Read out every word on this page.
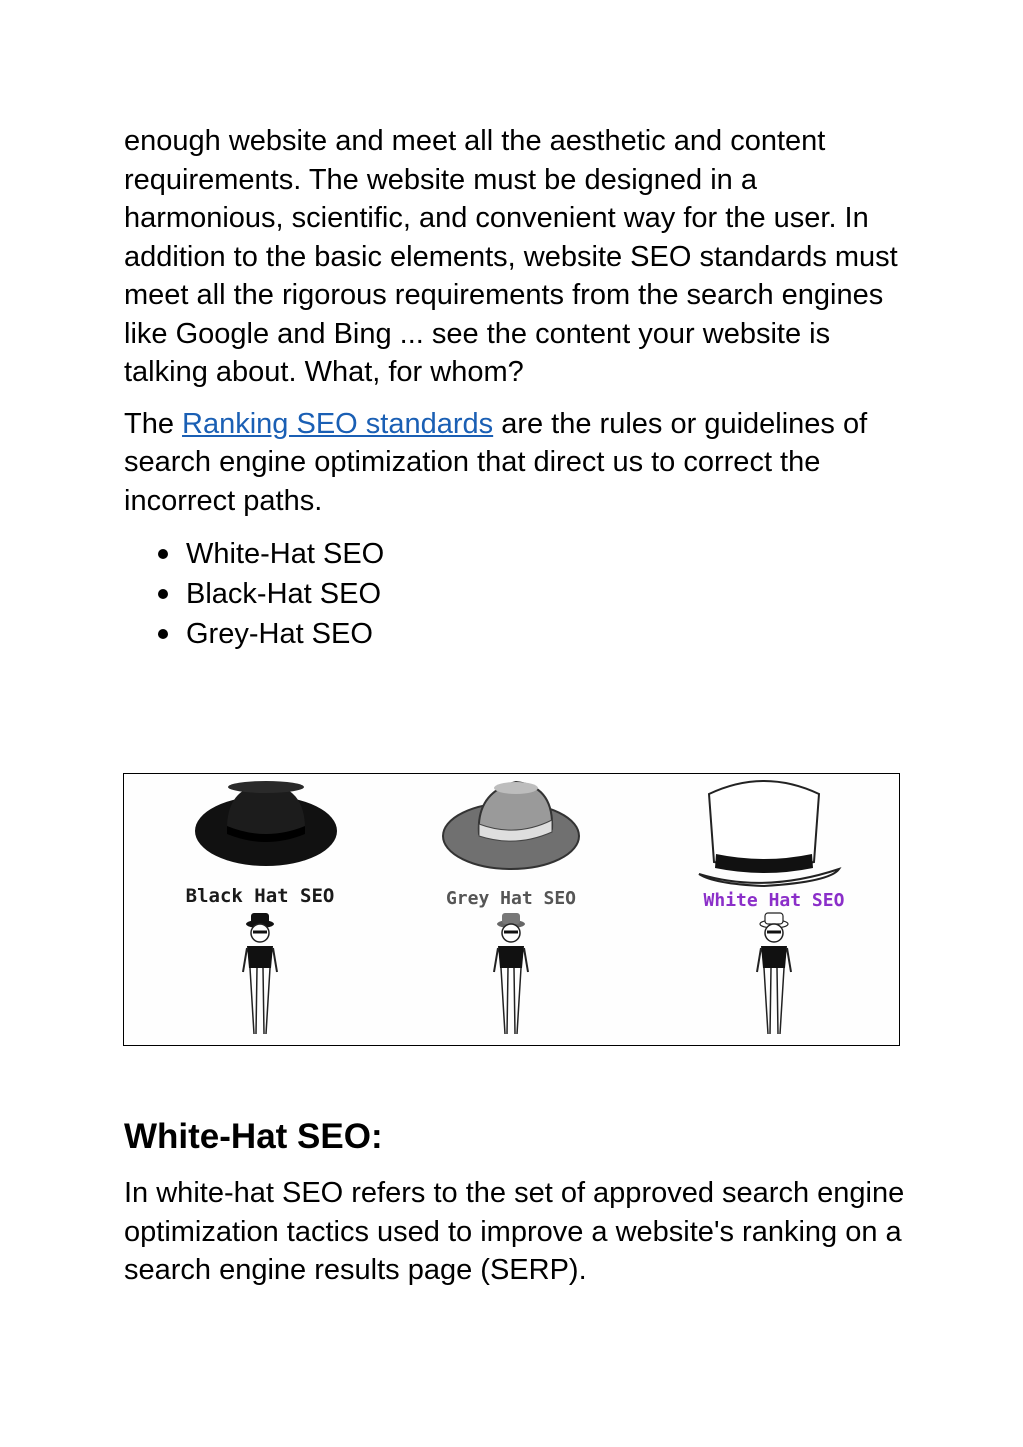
enough website and meet all the aesthetic and content requirements. The website must be designed in a harmonious, scientific, and convenient way for the user. In addition to the basic elements, website SEO standards must meet all the rigorous requirements from the search engines like Google and Bing ... see the content your website is talking about. What, for whom?

The Ranking SEO standards are the rules or guidelines of search engine optimization that direct us to correct the incorrect paths.

White-Hat SEO
Black-Hat SEO
Grey-Hat SEO
Black Hat SEO	Grey Hat SEO	White Hat SEO
White-Hat SEO:

In white-hat SEO refers to the set of approved search engine optimization tactics used to improve a website's ranking on a search engine results page (SERP).
